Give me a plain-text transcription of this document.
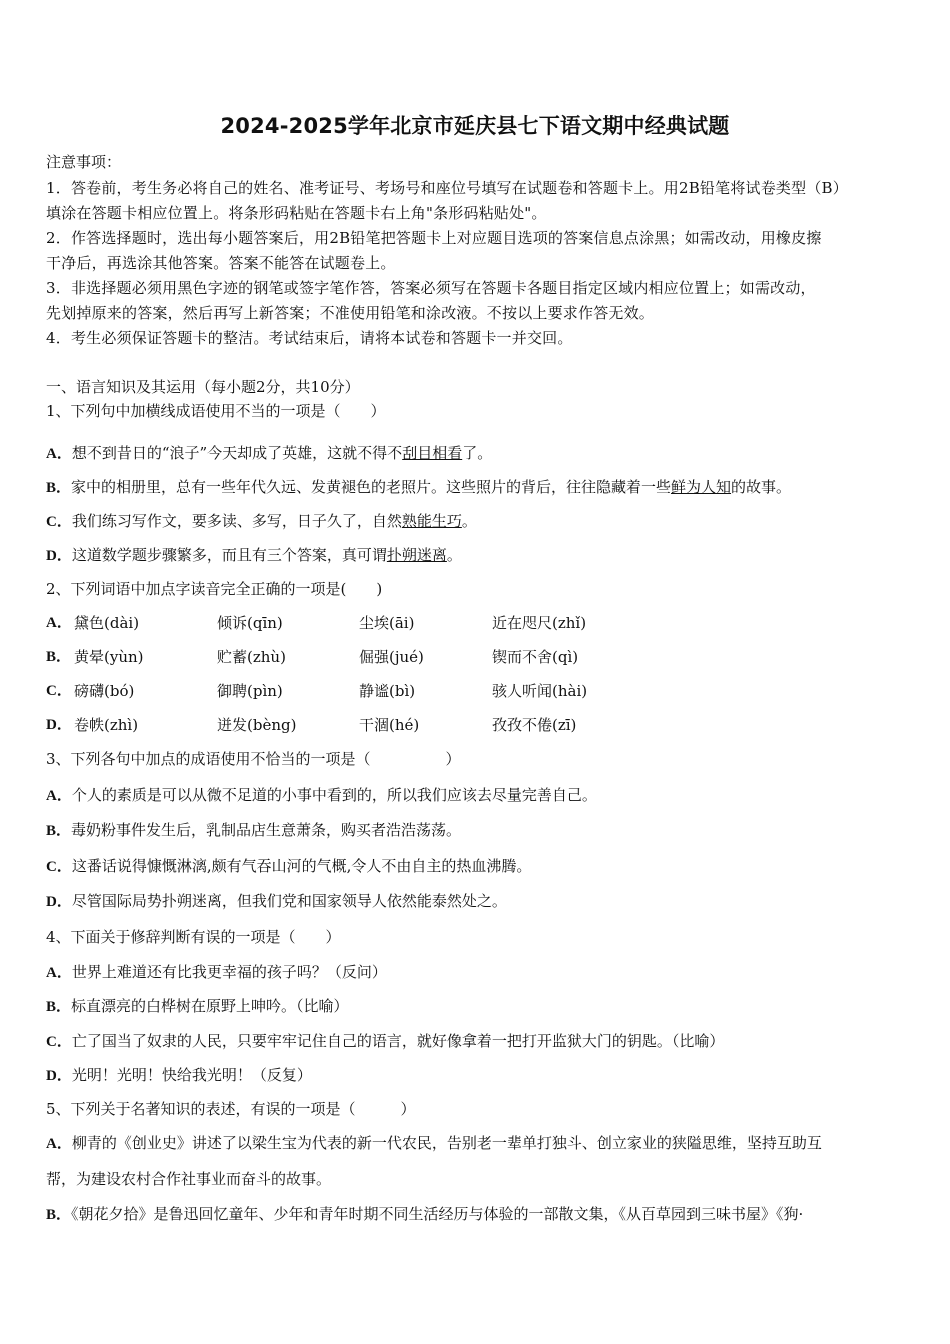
2024-2025学年北京市延庆县七下语文期中经典试题
注意事项：
1．答卷前，考生务必将自己的姓名、准考证号、考场号和座位号填写在试题卷和答题卡上。用2B铅笔将试卷类型（B）
填涂在答题卡相应位置上。将条形码粘贴在答题卡右上角"条形码粘贴处"。
2．作答选择题时，选出每小题答案后，用2B铅笔把答题卡上对应题目选项的答案信息点涂黑；如需改动，用橡皮擦
干净后，再选涂其他答案。答案不能答在试题卷上。
3．非选择题必须用黑色字迹的钢笔或签字笔作答，答案必须写在答题卡各题目指定区域内相应位置上；如需改动，
先划掉原来的答案，然后再写上新答案；不准使用铅笔和涂改液。不按以上要求作答无效。
4．考生必须保证答题卡的整洁。考试结束后，请将本试卷和答题卡一并交回。
一、语言知识及其运用（每小题2分，共10分）
1、下列句中加横线成语使用不当的一项是（　　）
A．想不到昔日的“浪子”今天却成了英雄，这就不得不刮目相看了。
B．家中的相册里，总有一些年代久远、发黄褪色的老照片。这些照片的背后，往往隐藏着一些鲜为人知的故事。
C．我们练习写作文，要多读、多写，日子久了，自然熟能生巧。
D．这道数学题步骤繁多，而且有三个答案，真可谓扑朔迷离。
2、下列词语中加点字读音完全正确的一项是(　　)
A． 黛色(dài)	倾诉(qīn)	尘埃(āi)	近在咫尺(zhǐ)
B． 黄晕(yùn)	贮蓄(zhù)	倔强(jué)	锲而不舍(qì)
C． 磅礴(bó)	御聘(pìn)	静谧(bì)	骇人听闻(hài)
D． 卷帙(zhì)	迸发(bèng)	干涸(hé)	孜孜不倦(zī)
3、下列各句中加点的成语使用不恰当的一项是（　　　　　）
A．个人的素质是可以从微不足道的小事中看到的，所以我们应该去尽量完善自己。
B．毒奶粉事件发生后，乳制品店生意萧条，购买者浩浩荡荡。
C．这番话说得慷慨淋漓,颇有气吞山河的气概,令人不由自主的热血沸腾。
D．尽管国际局势扑朔迷离，但我们党和国家领导人依然能泰然处之。
4、下面关于修辞判断有误的一项是（　　）
A．世界上难道还有比我更幸福的孩子吗？（反问）
B．标直漂亮的白桦树在原野上呻吟。（比喻）
C．亡了国当了奴隶的人民，只要牢牢记住自己的语言，就好像拿着一把打开监狱大门的钥匙。（比喻）
D．光明！光明！快给我光明！（反复）
5、下列关于名著知识的表述，有误的一项是（　　　）
A．柳青的《创业史》讲述了以梁生宝为代表的新一代农民，告别老一辈单打独斗、创立家业的狭隘思维，坚持互助互
帮，为建设农村合作社事业而奋斗的故事。
B．《朝花夕拾》是鲁迅回忆童年、少年和青年时期不同生活经历与体验的一部散文集，《从百草园到三味书屋》《狗·
